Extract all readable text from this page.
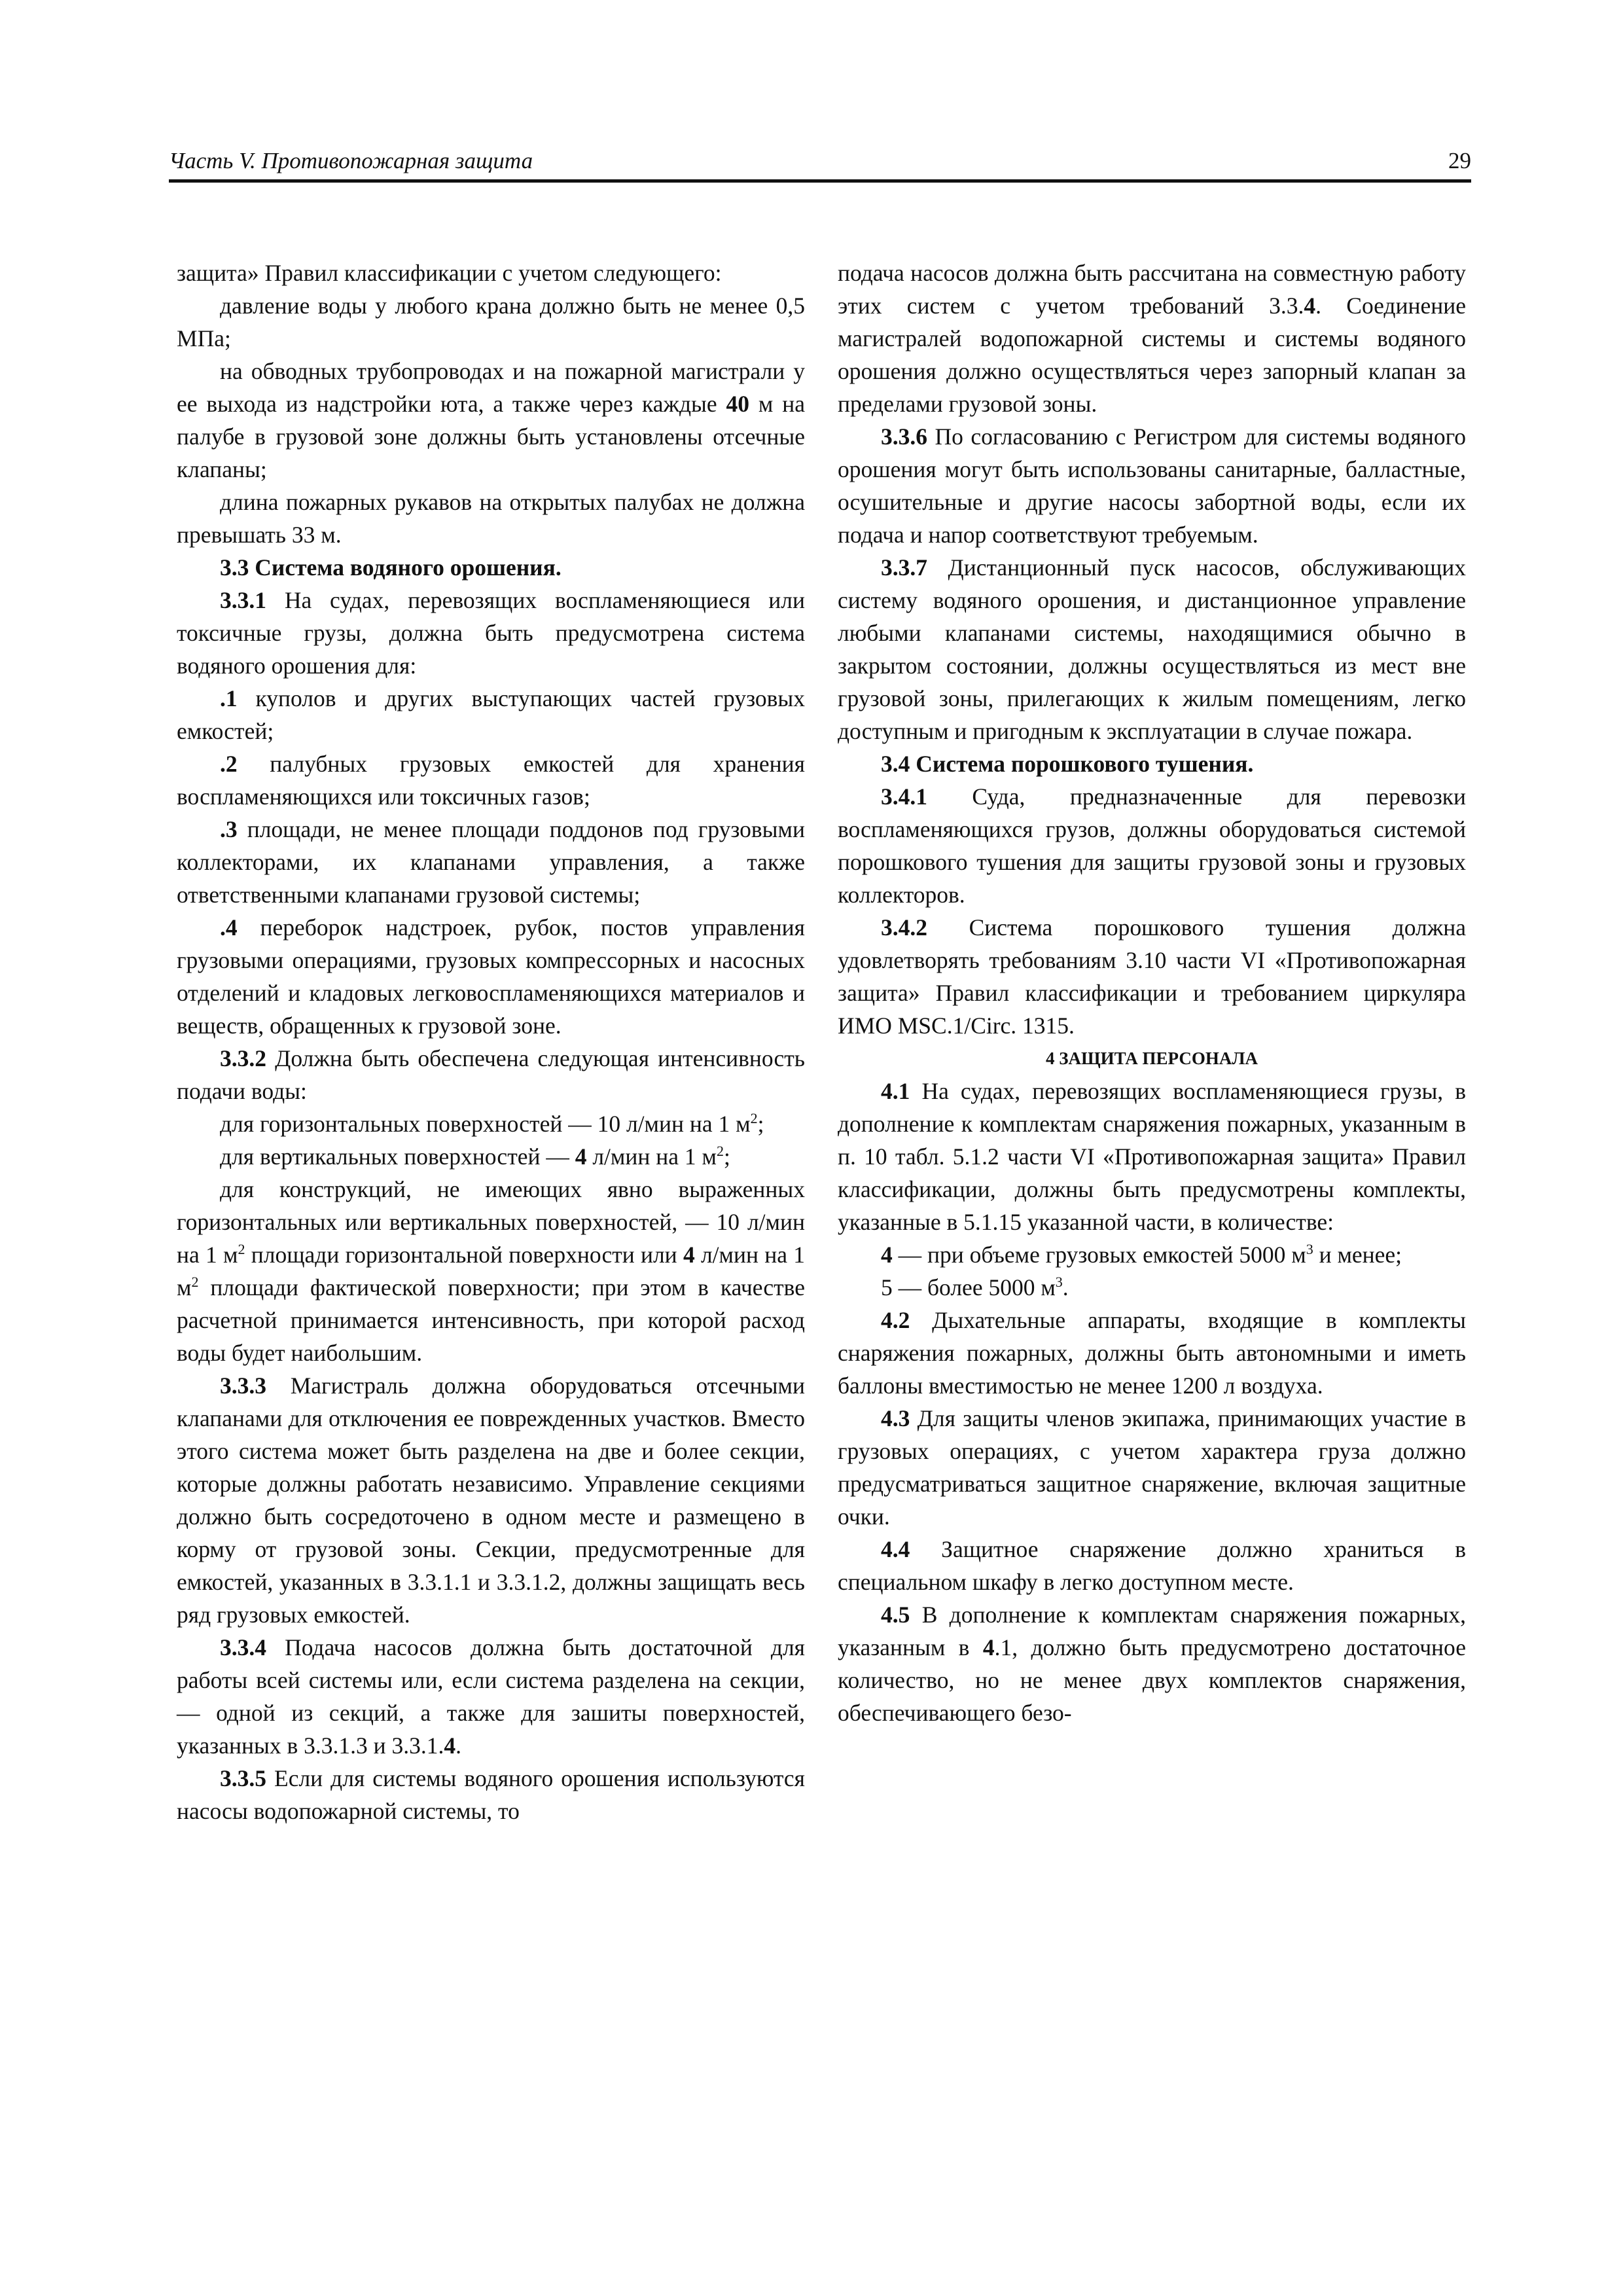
Часть V. Противопожарная защита	29

защита» Правил классификации с учетом следующего:

давление воды у любого крана должно быть не менее 0,5 МПа;

на обводных трубопроводах и на пожарной магистрали у ее выхода из надстройки юта, а также через каждые 40 м на палубе в грузовой зоне должны быть установлены отсечные клапаны;

длина пожарных рукавов на открытых палубах не должна превышать 33 м.

3.3 Система водяного орошения.

3.3.1 На судах, перевозящих воспламеняющиеся или токсичные грузы, должна быть предусмотрена система водяного орошения для:

.1 куполов и других выступающих частей грузовых емкостей;

.2 палубных грузовых емкостей для хранения воспламеняющихся или токсичных газов;

.3 площади, не менее площади поддонов под грузовыми коллекторами, их клапанами управления, а также ответственными клапанами грузовой системы;

.4 переборок надстроек, рубок, постов управления грузовыми операциями, грузовых компрессорных и насосных отделений и кладовых легковоспламеняющихся материалов и веществ, обращенных к грузовой зоне.

3.3.2 Должна быть обеспечена следующая интенсивность подачи воды:

для горизонтальных поверхностей — 10 л/мин на 1 $м^2$;

для вертикальных поверхностей — 4 л/мин на 1 $м^2$;

для конструкций, не имеющих явно выраженных горизонтальных или вертикальных поверхностей, — 10 л/мин на 1 $м^2$ площади горизонтальной поверхности или 4 л/мин на 1 $м^2$ площади фактической поверхности; при этом в качестве расчетной принимается интенсивность, при которой расход воды будет наибольшим.

3.3.3 Магистраль должна оборудоваться отсечными клапанами для отключения ее поврежденных участков. Вместо этого система может быть разделена на две и более секции, которые должны работать независимо. Управление секциями должно быть сосредоточено в одном месте и размещено в корму от грузовой зоны. Секции, предусмотренные для емкостей, указанных в 3.3.1.1 и 3.3.1.2, должны защищать весь ряд грузовых емкостей.

3.3.4 Подача насосов должна быть достаточной для работы всей системы или, если система разделена на секции, — одной из секций, а также для зашиты поверхностей, указанных в 3.3.1.3 и 3.3.1.4.

3.3.5 Если для системы водяного орошения используются насосы водопожарной системы, то

подача насосов должна быть рассчитана на совместную работу этих систем с учетом требований 3.3.4. Соединение магистралей водопожарной системы и системы водяного орошения должно осуществляться через запорный клапан за пределами грузовой зоны.

3.3.6 По согласованию с Регистром для системы водяного орошения могут быть использованы санитарные, балластные, осушительные и другие насосы забортной воды, если их подача и напор соответствуют требуемым.

3.3.7 Дистанционный пуск насосов, обслуживающих систему водяного орошения, и дистанционное управление любыми клапанами системы, находящимися обычно в закрытом состоянии, должны осуществляться из мест вне грузовой зоны, прилегающих к жилым помещениям, легко доступным и пригодным к эксплуатации в случае пожара.

3.4 Система порошкового тушения.

3.4.1 Суда, предназначенные для перевозки воспламеняющихся грузов, должны оборудоваться системой порошкового тушения для защиты грузовой зоны и грузовых коллекторов.

3.4.2 Система порошкового тушения должна удовлетворять требованиям 3.10 части VI «Противопожарная защита» Правил классификации и требованием циркуляра ИМО MSC.1/Circ. 1315.

4 ЗАЩИТА ПЕРСОНАЛА

4.1 На судах, перевозящих воспламеняющиеся грузы, в дополнение к комплектам снаряжения пожарных, указанным в п. 10 табл. 5.1.2 части VI «Противопожарная защита» Правил классификации, должны быть предусмотрены комплекты, указанные в 5.1.15 указанной части, в количестве:

4 — при объеме грузовых емкостей 5000 $м^3$ и менее;

5 — более 5000 $м^3$.

4.2 Дыхательные аппараты, входящие в комплекты снаряжения пожарных, должны быть автономными и иметь баллоны вместимостью не менее 1200 л воздуха.

4.3 Для защиты членов экипажа, принимающих участие в грузовых операциях, с учетом характера груза должно предусматриваться защитное снаряжение, включая защитные очки.

4.4 Защитное снаряжение должно храниться в специальном шкафу в легко доступном месте.

4.5 В дополнение к комплектам снаряжения пожарных, указанным в 4.1, должно быть предусмотрено достаточное количество, но не менее двух комплектов снаряжения, обеспечивающего безо-
